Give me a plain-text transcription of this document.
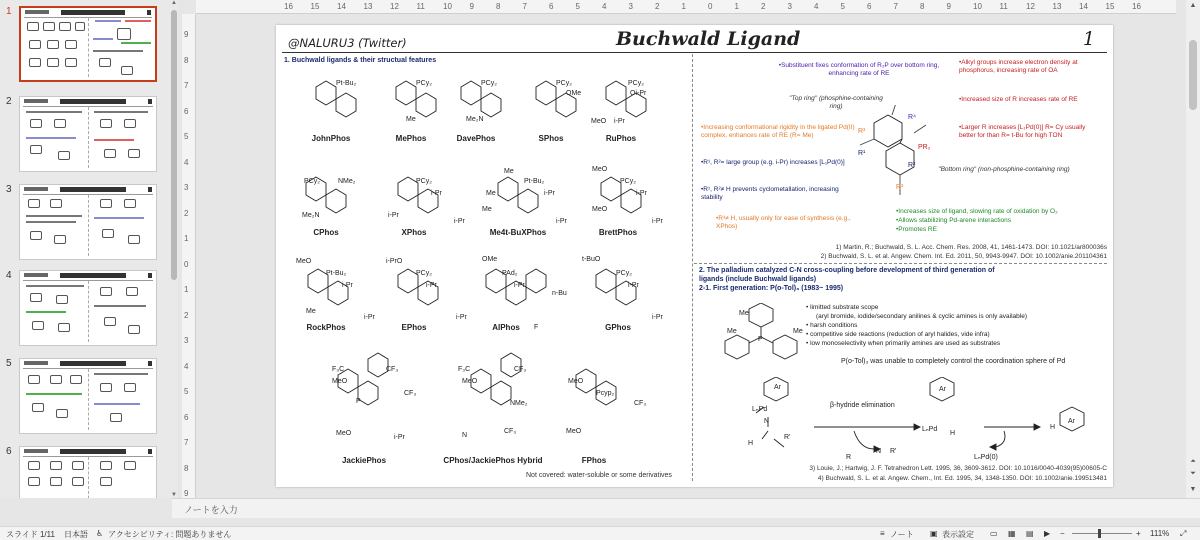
1
2
3
4
5
6
▲
▼
16 15 14 13 12 11 10 9	8	7	6	5	4	3	2	1	0	1	2	3	4	5	6	7	8	9	10 11 12 13 14 15 16
9
8
7
6
5
4
3
2
1
0
1
2
3
4
5
6
7
8
9
@NALURU3 (Twitter)	Buchwald Ligand	1
1. Buchwald ligands & their structual features
Pt-Bu₂	PCy₂	PCy₂	PCy₂	PCy₂
Me	Me₂N
OMe
MeO
Oi-Pr
i-Pr
PCy₂	NMe₂
Me₂N
PCy₂
i-Pr
i-Pr
i-Pr
Me
Pt-Bu₂
Me
Me
i-Pr
i-Pr
MeO
PCy₂
MeO
i-Pr
i-Pr
MeO
Pt-Bu₂
Me
i-Pr
i-Pr
i-PrO
PCy₂
i-Pr
i-Pr
OMe
PAd₂
i-Pr
n-Bu
F
t-BuO
PCy₂
i-Pr
i-Pr
F₃C	CF₃
MeO
P
CF₃
MeO
i-Pr
F₃C	CF₃
MeO
NMe₂
N
CF₃
MeO
Pcyp₂
MeO
CF₃
JohnPhos	MePhos	DavePhos	SPhos	RuPhos
CPhos	XPhos	Me4t-BuXPhos	BrettPhos
RockPhos	EPhos	AlPhos	GPhos
JackiePhos	CPhos/JackiePhos Hybrid	FPhos
Not covered: water-soluble or some derivatives
•Substituent fixes conformation of R₂P over bottom ring, enhancing rate of RE
•Alkyl groups increase electron density at phosphorus, increasing rate of OA
•Increased size of R increases rate of RE
•Larger R increases [L₁Pd(0)] R= Cy usually better for than R= t-Bu for high TON
"Top ring" (phosphine-containing ring)
"Bottom ring" (non-phosphine-containing ring)
•Increasing conformational rigidity in the ligated Pd(II) complex, enhances rate of RE (R= Me)
•R¹, R²= large group (e.g. i-Pr) increases [L₁Pd(0)]
•R¹, R²≠ H prevents cyclometallation, increasing stability
•R³≠ H, usually only for ease of synthesis (e.g., XPhos)
•Increases size of ligand, slowing rate of oxidation by O₂
•Allows stabilizing Pd-arene interactions
•Promotes RE
R⁴
PR₂
R¹
R²
R³
R³
1) Martin, R.; Buchwald, S. L. Acc. Chem. Res. 2008, 41, 1461-1473. DOI: 10.1021/ar800036s
2) Buchwald, S. L. et al. Angew. Chem. Int. Ed. 2011, 50, 9943-9947. DOI: 10.1002/anie.201104361
2. The palladium catalyzed C-N cross-coupling before development of third generation of ligands (include Buchwald ligands)
2-1. First generation: P(o-Tol)₃ (1983~ 1995)
P
Me
Me
Me
• limitted substrate scope
(aryl bromide, iodide/secondary anilines & cyclic amines is only available)
• harsh conditions
• competitive side reactions (reduction of aryl halides, vide infra)
• low monoselectivity when primarily amines are used as substrates
P(o-Tol)₃ was unable to completely control the coordination sphere of Pd
β-hydride elimination
LₙPd
Ar
N
H
R'
R
N R'
LₙPd
Ar
H
LₙPd(0)
H
Ar
3) Louie, J.; Hartwig, J. F. Tetrahedron Lett. 1995, 36, 3609-3612. DOI: 10.1016/0040-4039(95)00605-C
4) Buchwald, S. L. et al. Angew. Chem., Int. Ed. 1995, 34, 1348-1350. DOI: 10.1002/anie.199513481
▲
⏶
⏷
▼
ノートを入力
スライド 1/11 日本語 ♿ アクセシビリティ: 問題ありません	≡ ノート ▣ 表示設定 ▭ ▦ ▤ ▶ −	+ 111% ⤢
